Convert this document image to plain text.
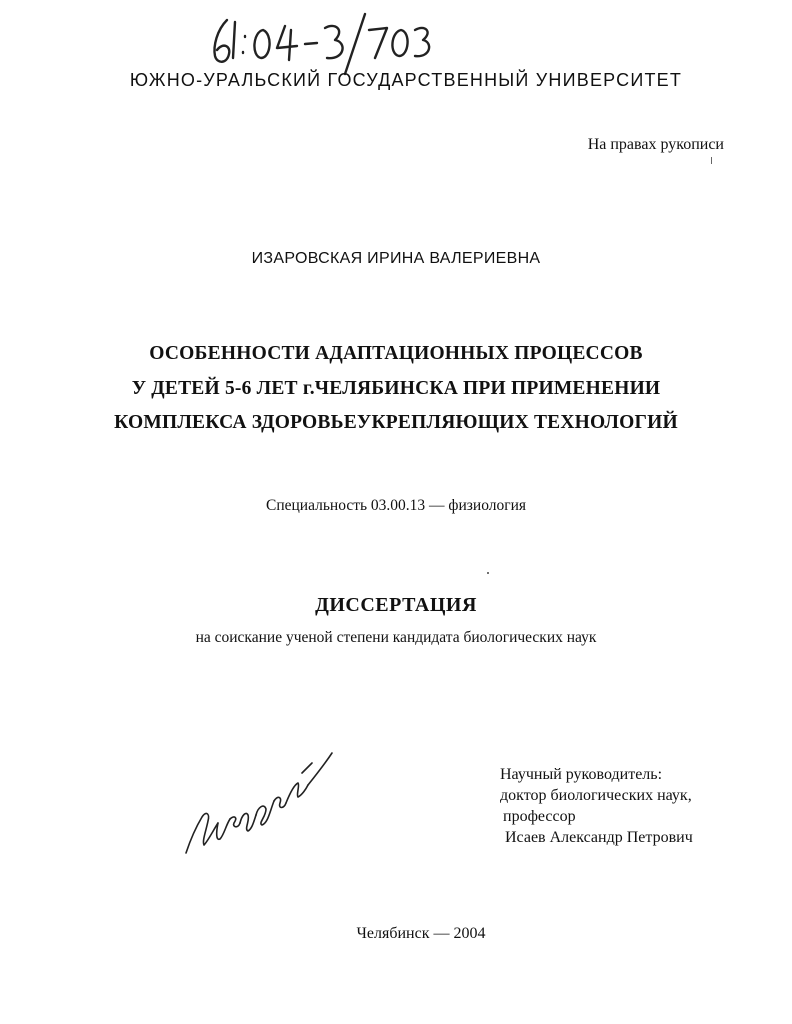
ЮЖНО-УРАЛЬСКИЙ ГОСУДАРСТВЕННЫЙ УНИВЕРСИТЕТ
На правах рукописи
ИЗАРОВСКАЯ ИРИНА ВАЛЕРИЕВНА
ОСОБЕННОСТИ АДАПТАЦИОННЫХ ПРОЦЕССОВ
У ДЕТЕЙ 5-6 ЛЕТ г.ЧЕЛЯБИНСКА ПРИ ПРИМЕНЕНИИ
КОМПЛЕКСА ЗДОРОВЬЕУКРЕПЛЯЮЩИХ ТЕХНОЛОГИЙ
Специальность 03.00.13 — физиология
ДИССЕРТАЦИЯ
на соискание ученой степени кандидата биологических наук
Научный руководитель:
доктор биологических наук,
профессор
Исаев Александр Петрович
Челябинск — 2004
